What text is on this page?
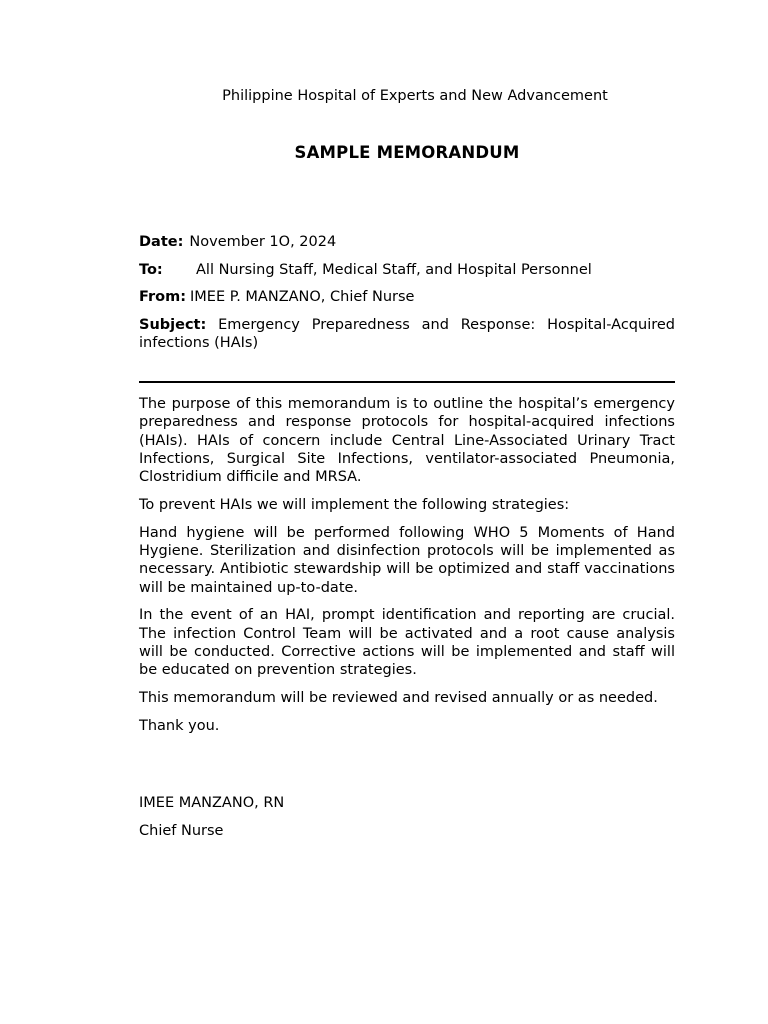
Philippine Hospital of Experts and New Advancement
SAMPLE MEMORANDUM
Date: November 1O, 2024
To: All Nursing Staff, Medical Staff, and Hospital Personnel
From: IMEE P. MANZANO, Chief Nurse
Subject: Emergency Preparedness and Response: Hospital-Acquired infections (HAIs)

The purpose of this memorandum is to outline the hospital’s emergency preparedness and response protocols for hospital-acquired infections (HAIs). HAIs of concern include Central Line-Associated Urinary Tract Infections, Surgical Site Infections, ventilator-associated Pneumonia, Clostridium difficile and MRSA.

To prevent HAIs we will implement the following strategies:

Hand hygiene will be performed following WHO 5 Moments of Hand Hygiene. Sterilization and disinfection protocols will be implemented as necessary. Antibiotic stewardship will be optimized and staff vaccinations will be maintained up-to-date.

In the event of an HAI, prompt identification and reporting are crucial. The infection Control Team will be activated and a root cause analysis will be conducted. Corrective actions will be implemented and staff will be educated on prevention strategies.

This memorandum will be reviewed and revised annually or as needed.

Thank you.

IMEE MANZANO, RN
Chief Nurse
